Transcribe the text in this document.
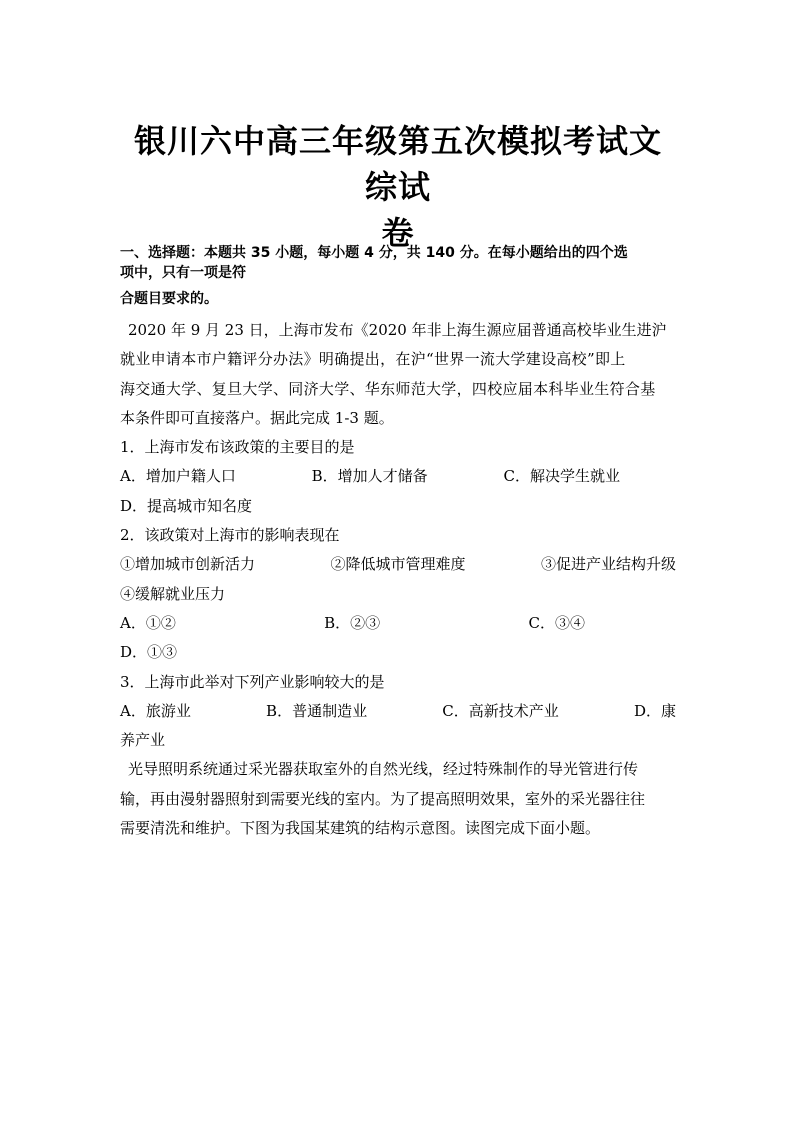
银川六中高三年级第五次模拟考试文综试
卷
一、选择题：本题共 35 小题，每小题 4 分，共 140 分。在每小题给出的四个选
项中，只有一项是符
合题目要求的。
2020 年 9 月 23 日，上海市发布《2020 年非上海生源应届普通高校毕业生进沪
就业申请本市户籍评分办法》明确提出，在沪“世界一流大学建设高校”即上
海交通大学、复旦大学、同济大学、华东师范大学，四校应届本科毕业生符合基
本条件即可直接落户。据此完成 1-3 题。
1．上海市发布该政策的主要目的是
A．增加户籍人口	B．增加人才储备	C．解决学生就业
D．提高城市知名度
2．该政策对上海市的影响表现在
①增加城市创新活力	②降低城市管理难度	③促进产业结构升级
④缓解就业压力
A．①②	B．②③	C．③④
D．①③
3．上海市此举对下列产业影响较大的是
A．旅游业	B．普通制造业	C．高新技术产业	D．康
养产业
光导照明系统通过采光器获取室外的自然光线，经过特殊制作的导光管进行传
输，再由漫射器照射到需要光线的室内。为了提高照明效果，室外的采光器往往
需要清洗和维护。下图为我国某建筑的结构示意图。读图完成下面小题。
